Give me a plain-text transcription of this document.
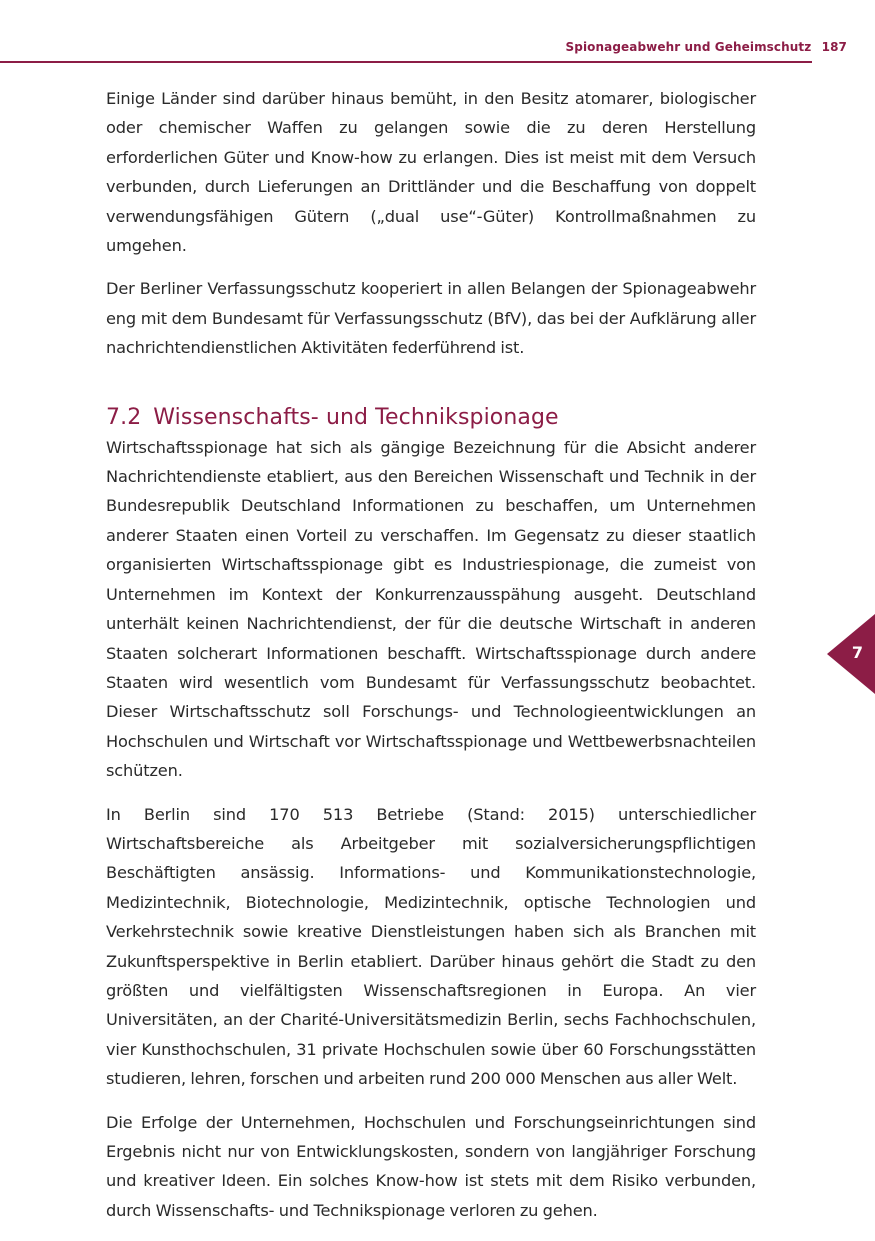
Spionageabwehr und Geheimschutz 187

Einige Länder sind darüber hinaus bemüht, in den Besitz atomarer, biologischer oder chemischer Waffen zu gelangen sowie die zu deren Herstellung erforderlichen Güter und Know-how zu erlangen. Dies ist meist mit dem Versuch verbunden, durch Lieferungen an Drittländer und die Beschaffung von doppelt verwendungsfähigen Gütern („dual use“-Güter) Kontrollmaßnahmen zu umgehen.

Der Berliner Verfassungsschutz kooperiert in allen Belangen der Spionageabwehr eng mit dem Bundesamt für Verfassungsschutz (BfV), das bei der Aufklärung aller nachrichtendienstlichen Aktivitäten federführend ist.

7.2 Wissenschafts- und Technikspionage

Wirtschaftsspionage hat sich als gängige Bezeichnung für die Absicht anderer Nachrichtendienste etabliert, aus den Bereichen Wissenschaft und Technik in der Bundesrepublik Deutschland Informationen zu beschaffen, um Unternehmen anderer Staaten einen Vorteil zu verschaffen. Im Gegensatz zu dieser staatlich organisierten Wirtschaftsspionage gibt es Industriespionage, die zumeist von Unternehmen im Kontext der Konkurrenzausspähung ausgeht. Deutschland unterhält keinen Nachrichtendienst, der für die deutsche Wirtschaft in anderen Staaten solcherart Informationen beschafft. Wirtschaftsspionage durch andere Staaten wird wesentlich vom Bundesamt für Verfassungsschutz beobachtet. Dieser Wirtschaftsschutz soll Forschungs- und Technologieentwicklungen an Hochschulen und Wirtschaft vor Wirtschaftsspionage und Wettbewerbsnachteilen schützen.

In Berlin sind 170 513 Betriebe (Stand: 2015) unterschiedlicher Wirtschaftsbereiche als Arbeitgeber mit sozialversicherungspflichtigen Beschäftigten ansässig. Informations- und Kommunikationstechnologie, Medizintechnik, Biotechnologie, Medizintechnik, optische Technologien und Verkehrstechnik sowie kreative Dienstleistungen haben sich als Branchen mit Zukunftsperspektive in Berlin etabliert. Darüber hinaus gehört die Stadt zu den größten und vielfältigsten Wissenschaftsregionen in Europa. An vier Universitäten, an der Charité-Universitätsmedizin Berlin, sechs Fachhochschulen, vier Kunsthochschulen, 31 private Hochschulen sowie über 60 Forschungsstätten studieren, lehren, forschen und arbeiten rund 200 000 Menschen aus aller Welt.

Die Erfolge der Unternehmen, Hochschulen und Forschungseinrichtungen sind Ergebnis nicht nur von Entwicklungskosten, sondern von langjähriger Forschung und kreativer Ideen. Ein solches Know-how ist stets mit dem Risiko verbunden, durch Wissenschafts- und Technikspionage verloren zu gehen.

7
